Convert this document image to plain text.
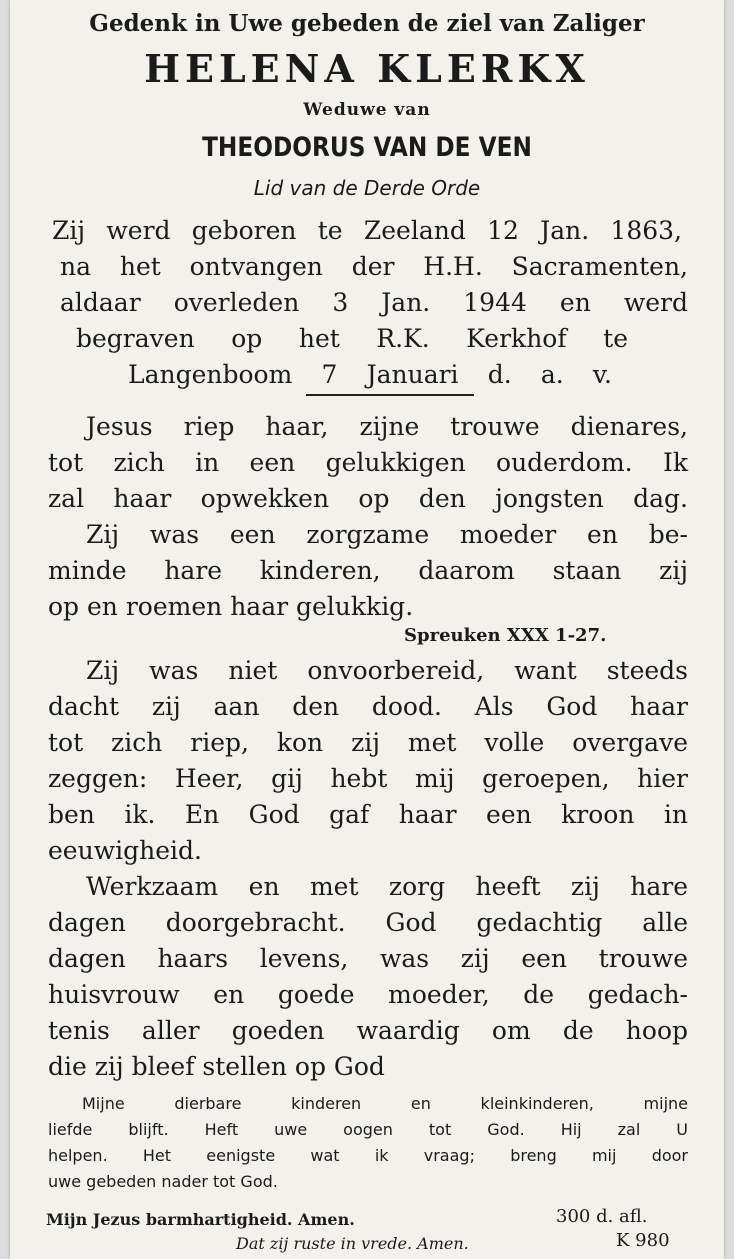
Gedenk in Uwe gebeden de ziel van Zaliger
HELENA KLERKX
Weduwe van
THEODORUS VAN DE VEN
Lid van de Derde Orde
Zij werd geboren te Zeeland 12 Jan. 1863,
na het ontvangen der H.H. Sacramenten,
aldaar overleden 3 Jan. 1944 en werd
begraven op het R.K. Kerkhof te
Langenboom 7 Januari d. a. v.
Jesus riep haar, zijne trouwe dienares,
tot zich in een gelukkigen ouderdom. Ik
zal haar opwekken op den jongsten dag.
Zij was een zorgzame moeder en be-
minde hare kinderen, daarom staan zij
op en roemen haar gelukkig.
Spreuken XXX 1-27.
Zij was niet onvoorbereid, want steeds
dacht zij aan den dood. Als God haar
tot zich riep, kon zij met volle overgave
zeggen: Heer, gij hebt mij geroepen, hier
ben ik. En God gaf haar een kroon in
eeuwigheid.
Werkzaam en met zorg heeft zij hare
dagen doorgebracht. God gedachtig alle
dagen haars levens, was zij een trouwe
huisvrouw en goede moeder, de gedach-
tenis aller goeden waardig om de hoop
die zij bleef stellen op God
Mijne dierbare kinderen en kleinkinderen, mijne
liefde blijft. Heft uwe oogen tot God. Hij zal U
helpen. Het eenigste wat ik vraag; breng mij door
uwe gebeden nader tot God.
Mijn Jezus barmhartigheid. Amen.	300 d. afl.
Dat zij ruste in vrede. Amen.	K 980
